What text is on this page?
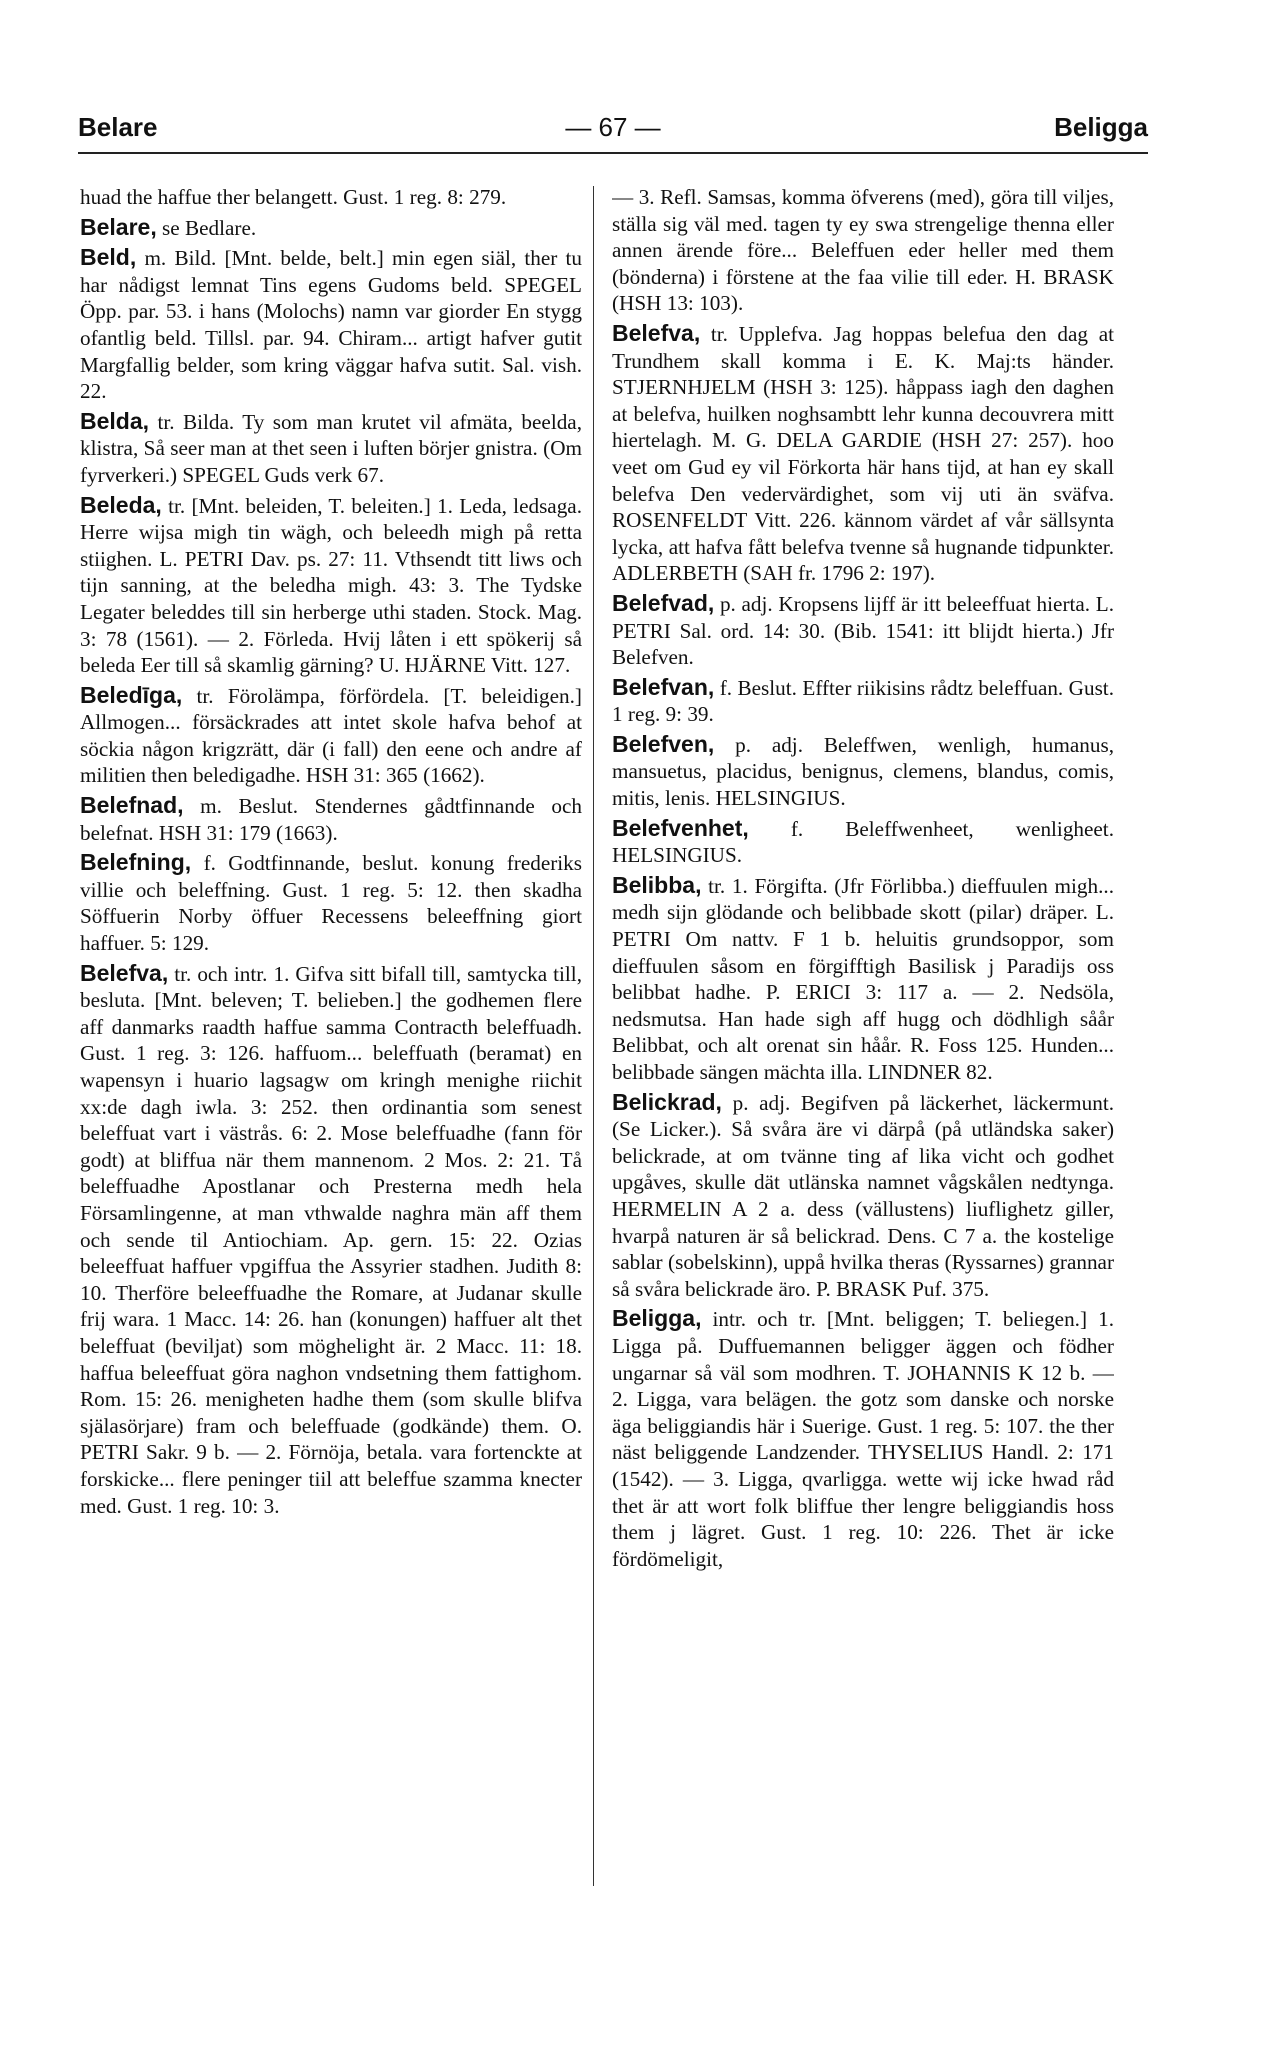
Belare	— 67 —	Beligga

huad the haffue ther belangett. Gust. 1 reg. 8: 279.

Belare, se Bedlare.

Beld, m. Bild. [Mnt. belde, belt.] min egen siäl, ther tu har nådigst lemnat Tins egens Gudoms beld. SPEGEL Öpp. par. 53. i hans (Molochs) namn var giorder En stygg ofantlig beld. Tillsl. par. 94. Chiram... artigt hafver gutit Margfallig belder, som kring väggar hafva sutit. Sal. vish. 22.

Belda, tr. Bilda. Ty som man krutet vil afmäta, beelda, klistra, Så seer man at thet seen i luften börjer gnistra. (Om fyrverkeri.) SPEGEL Guds verk 67.

Beleda, tr. [Mnt. beleiden, T. beleiten.] 1. Leda, ledsaga. Herre wijsa migh tin wägh, och beleedh migh på retta stiighen. L. PETRI Dav. ps. 27: 11. Vthsendt titt liws och tijn sanning, at the beledha migh. 43: 3. The Tydske Legater beleddes till sin herberge uthi staden. Stock. Mag. 3: 78 (1561). — 2. Förleda. Hvij låten i ett spökerij så beleda Eer till så skamlig gärning? U. HJÄRNE Vitt. 127.

Beledīga, tr. Förolämpa, förfördela. [T. beleidigen.] Allmogen... försäckrades att intet skole hafva behof at söckia någon krigzrätt, där (i fall) den eene och andre af militien then beledigadhe. HSH 31: 365 (1662).

Belefnad, m. Beslut. Stendernes gådtfinnande och belefnat. HSH 31: 179 (1663).

Belefning, f. Godtfinnande, beslut. konung frederiks villie och beleffning. Gust. 1 reg. 5: 12. then skadha Söffuerin Norby öffuer Recessens beleeffning giort haffuer. 5: 129.

Belefva, tr. och intr. 1. Gifva sitt bifall till, samtycka till, besluta. [Mnt. beleven; T. belieben.] the godhemen flere aff danmarks raadth haffue samma Contracth beleffuadh. Gust. 1 reg. 3: 126. haffuom... beleffuath (beramat) en wapensyn i huario lagsagw om kringh menighe riichit xx:de dagh iwla. 3: 252. then ordinantia som senest beleffuat vart i västrås. 6: 2. Mose beleffuadhe (fann för godt) at bliffua när them mannenom. 2 Mos. 2: 21. Tå beleffuadhe Apostlanar och Presterna medh hela Församlingenne, at man vthwalde naghra män aff them och sende til Antiochiam. Ap. gern. 15: 22. Ozias beleeffuat haffuer vpgiffua the Assyrier stadhen. Judith 8: 10. Therföre beleeffuadhe the Romare, at Judanar skulle frij wara. 1 Macc. 14: 26. han (konungen) haffuer alt thet beleffuat (beviljat) som möghelight är. 2 Macc. 11: 18. haffua beleeffuat göra naghon vndsetning them fattighom. Rom. 15: 26. menigheten hadhe them (som skulle blifva själasörjare) fram och beleffuade (godkände) them. O. PETRI Sakr. 9 b. — 2. Förnöja, betala. vara fortenckte at forskicke... flere peninger tiil att beleffue szamma knecter med. Gust. 1 reg. 10: 3.

— 3. Refl. Samsas, komma öfverens (med), göra till viljes, ställa sig väl med. tagen ty ey swa strengelige thenna eller annen ärende före... Beleffuen eder heller med them (bönderna) i förstene at the faa vilie till eder. H. BRASK (HSH 13: 103).

Belefva, tr. Upplefva. Jag hoppas belefua den dag at Trundhem skall komma i E. K. Maj:ts händer. STJERNHJELM (HSH 3: 125). håppass iagh den daghen at belefva, huilken noghsambtt lehr kunna decouvrera mitt hiertelagh. M. G. DELA GARDIE (HSH 27: 257). hoo veet om Gud ey vil Förkorta här hans tijd, at han ey skall belefva Den vedervärdighet, som vij uti än sväfva. ROSENFELDT Vitt. 226. kännom värdet af vår sällsynta lycka, att hafva fått belefva tvenne så hugnande tidpunkter. ADLERBETH (SAH fr. 1796 2: 197).

Belefvad, p. adj. Kropsens lijff är itt beleeffuat hierta. L. PETRI Sal. ord. 14: 30. (Bib. 1541: itt blijdt hierta.) Jfr Belefven.

Belefvan, f. Beslut. Effter riikisins rådtz beleffuan. Gust. 1 reg. 9: 39.

Belefven, p. adj. Beleffwen, wenligh, humanus, mansuetus, placidus, benignus, clemens, blandus, comis, mitis, lenis. HELSINGIUS.

Belefvenhet, f. Beleffwenheet, wenligheet. HELSINGIUS.

Belibba, tr. 1. Förgifta. (Jfr Förlibba.) dieffuulen migh... medh sijn glödande och belibbade skott (pilar) dräper. L. PETRI Om nattv. F 1 b. heluitis grundsoppor, som dieffuulen såsom en förgifftigh Basilisk j Paradijs oss belibbat hadhe. P. ERICI 3: 117 a. — 2. Nedsöla, nedsmutsa. Han hade sigh aff hugg och dödhligh såår Belibbat, och alt orenat sin håår. R. Foss 125. Hunden... belibbade sängen mächta illa. LINDNER 82.

Belickrad, p. adj. Begifven på läckerhet, läckermunt. (Se Licker.). Så svåra äre vi därpå (på utländska saker) belickrade, at om tvänne ting af lika vicht och godhet upgåves, skulle dät utlänska namnet vågskålen nedtynga. HERMELIN A 2 a. dess (vällustens) liuflighetz giller, hvarpå naturen är så belickrad. Dens. C 7 a. the kostelige sablar (sobelskinn), uppå hvilka theras (Ryssarnes) grannar så svåra belickrade äro. P. BRASK Puf. 375.

Beligga, intr. och tr. [Mnt. beliggen; T. beliegen.] 1. Ligga på. Duffuemannen beligger äggen och födher ungarnar så väl som modhren. T. JOHANNIS K 12 b. — 2. Ligga, vara belägen. the gotz som danske och norske äga beliggiandis här i Suerige. Gust. 1 reg. 5: 107. the ther näst beliggende Landzender. THYSELIUS Handl. 2: 171 (1542). — 3. Ligga, qvarligga. wette wij icke hwad råd thet är att wort folk bliffue ther lengre beliggiandis hoss them j lägret. Gust. 1 reg. 10: 226. Thet är icke fördömeligit,
